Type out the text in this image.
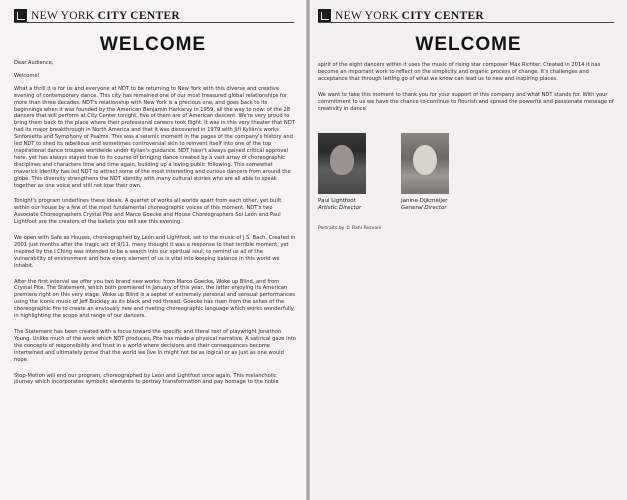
NEW YORK CITY CENTER
WELCOME

Dear Audience,

Welcome!

What a thrill it is for us and everyone at NDT to be returning to New York with this diverse and creative evening of contemporary dance. This city has remained one of our most treasured global relationships for more than three decades. NDT's relationship with New York is a precious one, and goes back to its beginnings when it was founded by the American Benjamin Harkarvy in 1959, all the way to now: of the 28 dancers that will perform at City Center tonight, five of them are of American descent. We're very proud to bring them back to the place where their professional careers took flight. It was in this very theater that NDT had its major breakthrough in North America and that it was discovered in 1979 with Jiří Kylián's works Sinfonietta and Symphony of Psalms. This was a seismic moment in the pages of the company's history and led NDT to shed its rebellious and sometimes controversial skin to reinvent itself into one of the top inspirational dance troupes worldwide under Kylián's guidance. NDT hasn't always gained critical approval here, yet has always stayed true to its course of bringing dance created by a vast array of choreographic disciplines and characters time and time again, building up a loving public following. This somewhat maverick identity has led NDT to attract some of the most interesting and curious dancers from around the globe. This diversity strengthens the NDT identity with many cultural stories who are all able to speak together as one voice and still not lose their own.

Tonight's program underlines these ideals. A quartet of works all worlds apart from each other, yet built within our house by a few of the most fundamental choreographic voices of this moment. NDT's two Associate Choreographers Crystal Pite and Marco Goecke and House Choreographers Sol León and Paul Lightfoot are the creators of the ballets you will see this evening.

We open with Safe as Houses, choreographed by León and Lightfoot, set to the music of J.S. Bach. Created in 2001 just months after the tragic act of 9/11, many thought it was a response to that terrible moment, yet inspired by the I Ching was intended to be a search into our spiritual soul; to remind us all of the vulnerability of environment and how every element of us is vital into keeping balance in this world we inhabit.

After the first interval we offer you two brand new works: from Marco Goecke, Woke up Blind, and from Crystal Pite, The Statement, which both premiered in January of this year, the latter enjoying its American premiere right on this very stage. Woke up Blind is a septet of extremely personal and sensual performances using the iconic music of Jeff Buckley as its black and red thread. Goecke has risen from the ashes of the choreographic fire to create an enviously new and riveting choreographic language which works wonderfully in highlighting the scope and range of our dancers.

The Statement has been created with a focus toward the specific and literal text of playwright Jonathon Young. Unlike much of the work which NDT produces, Pite has made a physical narrative. A satirical gaze into the concepts of responsibility and trust in a world where decisions and their consequences become intertwined and ultimately prove that the world we live in might not be as logical or as just as one would hope.

Stop-Motion will end our program, choreographed by León and Lightfoot once again. This melancholic journey which incorporates symbolic elements to portray transformation and pay homage to the noble

NEW YORK CITY CENTER
WELCOME

spirit of the eight dancers within it uses the music of rising star composer Max Richter. Created in 2014 it has become an important work to reflect on the simplicity and organic process of change. It's challenges and acceptance that through letting go of what we know can lead us to new and inspiring places.

We want to take this moment to thank you for your support of this company and what NDT stands for. With your commitment to us we have the chance to continue to flourish and spread the powerful and passionate message of creativity in dance.

Paul Lightfoot
Artistic Director
Janine Dijkmeijer
General Director
Portraits by © Rahi Rezvani
